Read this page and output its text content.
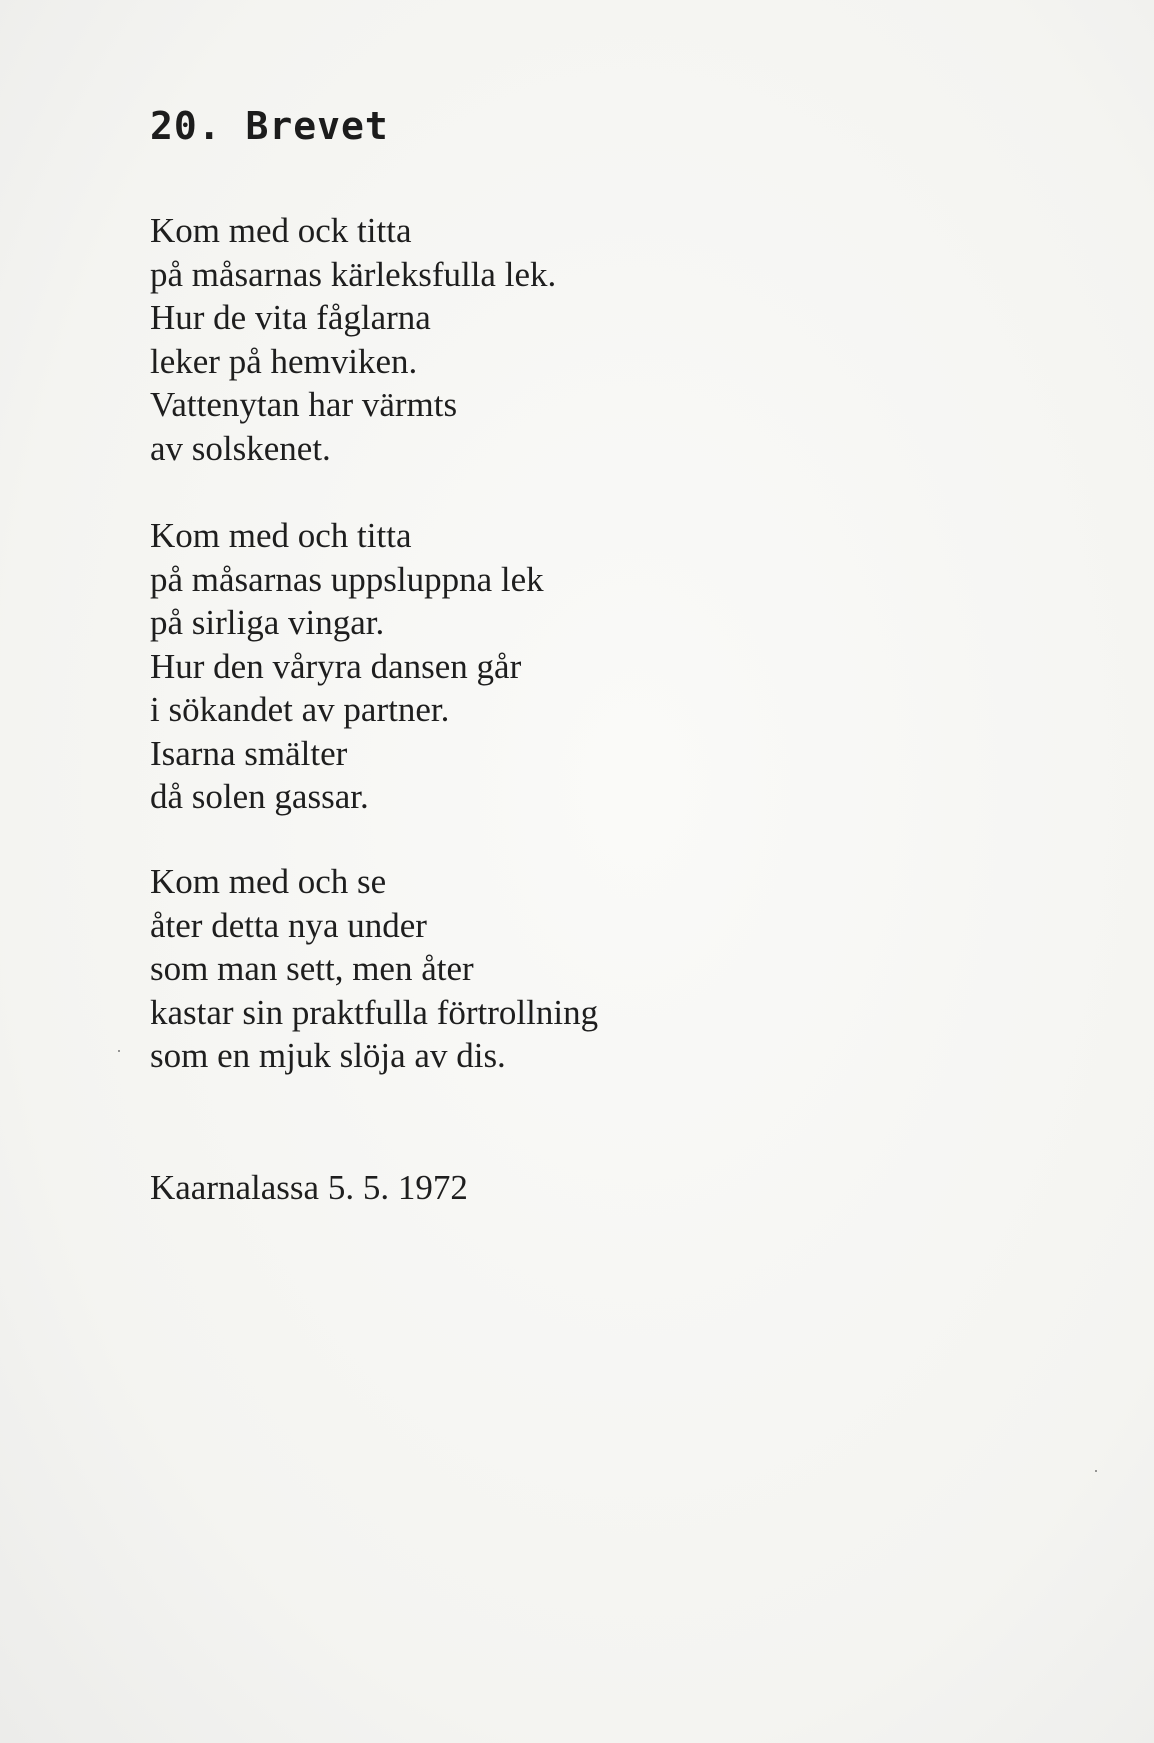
20. Brevet
Kom med ock titta
på måsarnas kärleksfulla lek.
Hur de vita fåglarna
leker på hemviken.
Vattenytan har värmts
av solskenet.
Kom med och titta
på måsarnas uppsluppna lek
på sirliga vingar.
Hur den våryra dansen går
i sökandet av partner.
Isarna smälter
då solen gassar.
Kom med och se
åter detta nya under
som man sett, men åter
kastar sin praktfulla förtrollning
som en mjuk slöja av dis.
Kaarnalassa 5. 5. 1972
